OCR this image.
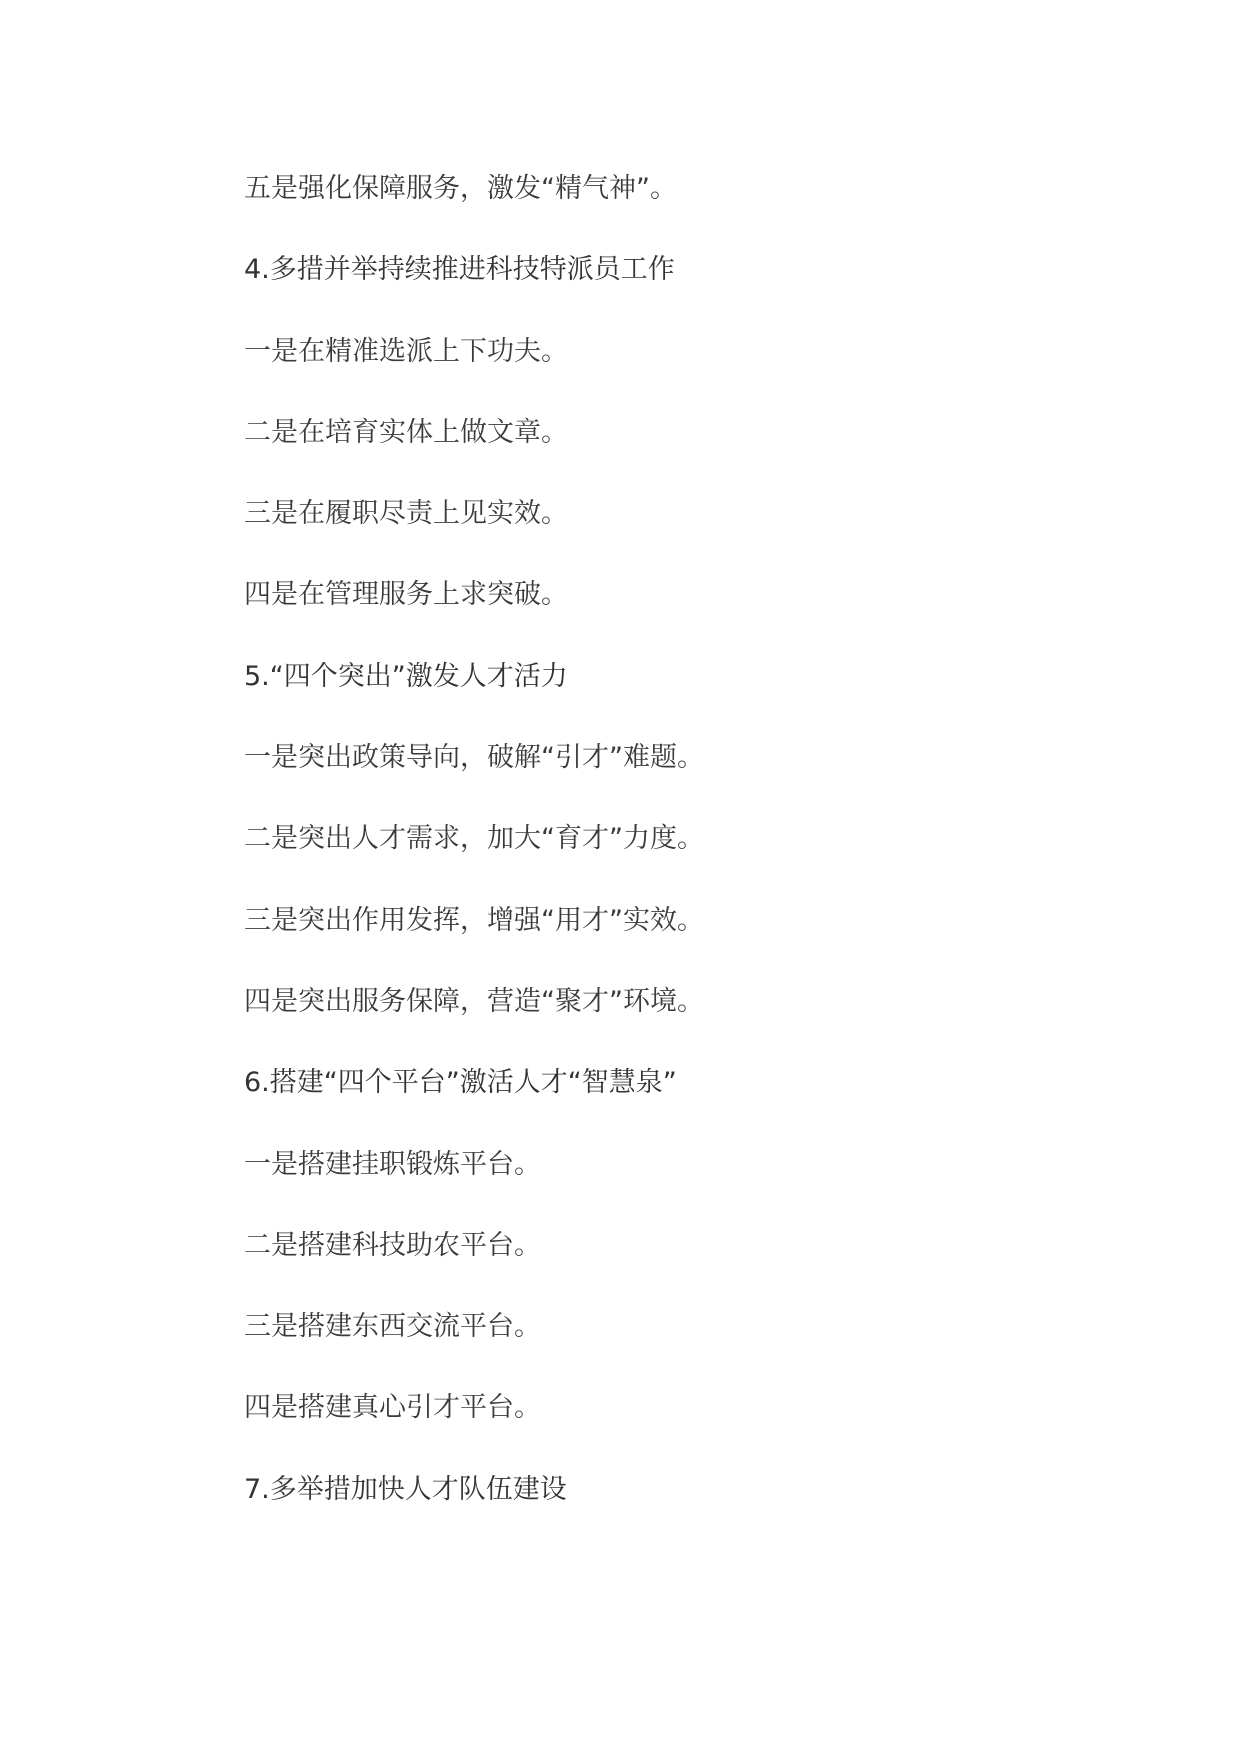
五是强化保障服务，激发“精气神”。

4.多措并举持续推进科技特派员工作

一是在精准选派上下功夫。

二是在培育实体上做文章。

三是在履职尽责上见实效。

四是在管理服务上求突破。

5.“四个突出”激发人才活力

一是突出政策导向，破解“引才”难题。

二是突出人才需求，加大“育才”力度。

三是突出作用发挥，增强“用才”实效。

四是突出服务保障，营造“聚才”环境。

6.搭建“四个平台”激活人才“智慧泉”

一是搭建挂职锻炼平台。

二是搭建科技助农平台。

三是搭建东西交流平台。

四是搭建真心引才平台。

7.多举措加快人才队伍建设
